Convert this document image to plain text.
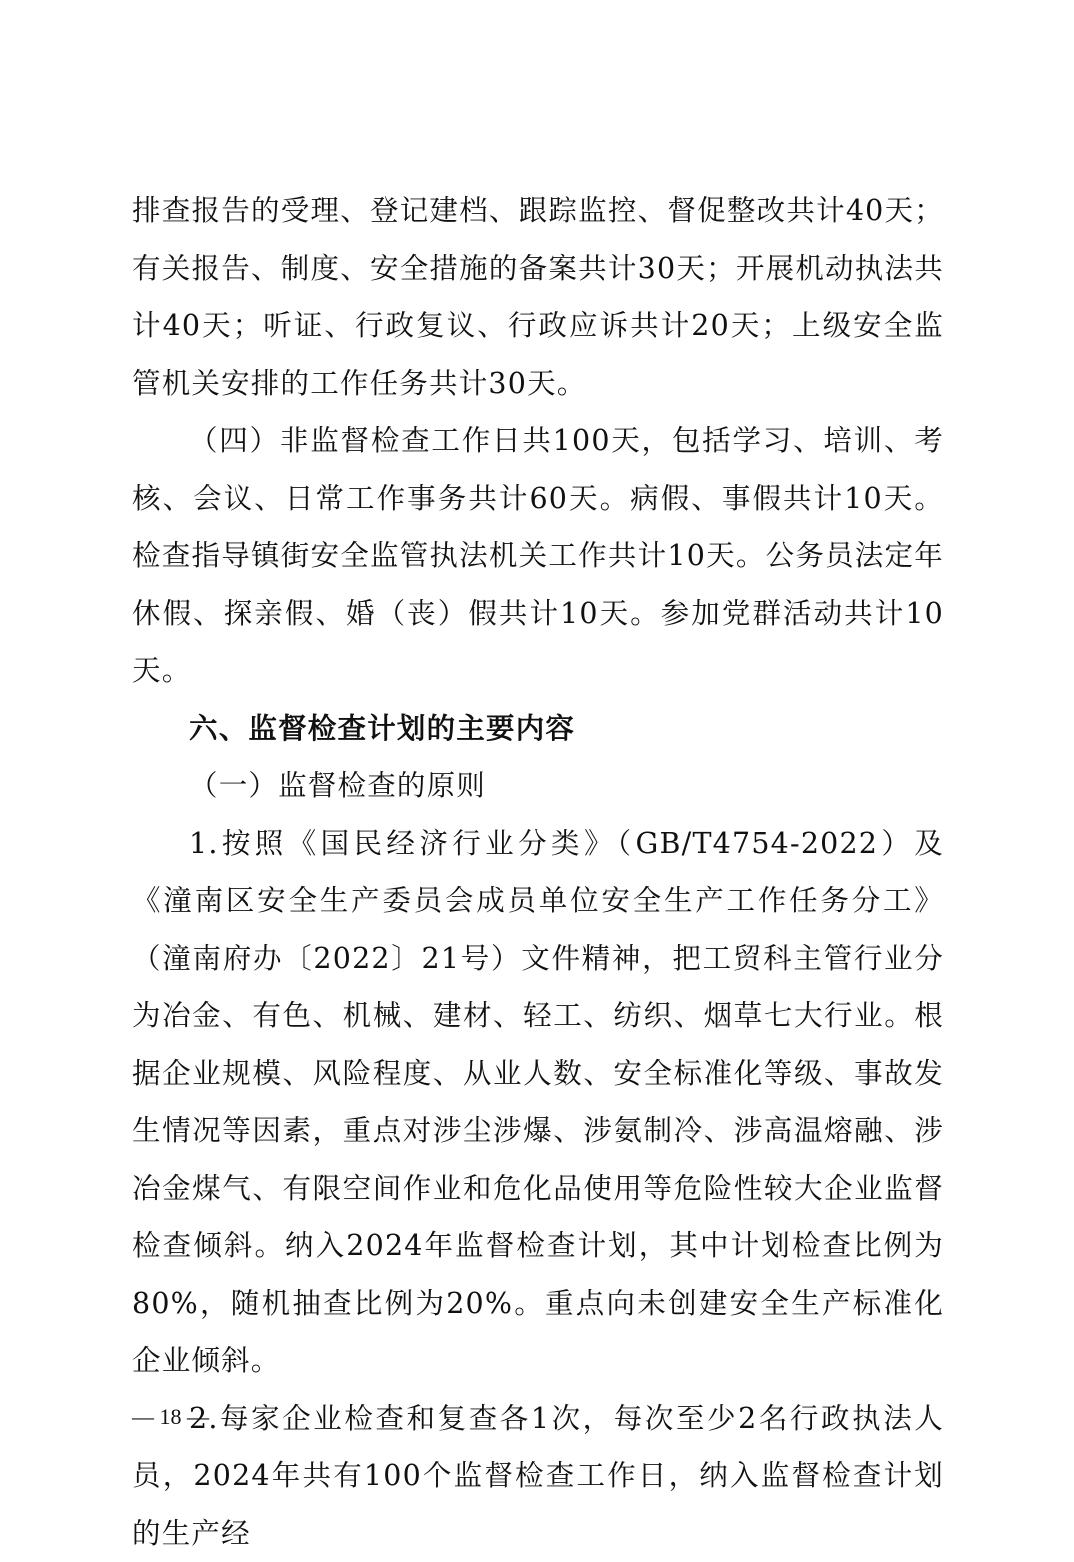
排查报告的受理、登记建档、跟踪监控、督促整改共计40天；有关报告、制度、安全措施的备案共计30天；开展机动执法共计40天；听证、行政复议、行政应诉共计20天；上级安全监管机关安排的工作任务共计30天。

（四）非监督检查工作日共100天，包括学习、培训、考核、会议、日常工作事务共计60天。病假、事假共计10天。检查指导镇街安全监管执法机关工作共计10天。公务员法定年休假、探亲假、婚（丧）假共计10天。参加党群活动共计10天。

六、监督检查计划的主要内容

（一）监督检查的原则

1.按照《国民经济行业分类》（GB/T4754-2022）及《潼南区安全生产委员会成员单位安全生产工作任务分工》（潼南府办〔2022〕21号）文件精神，把工贸科主管行业分为冶金、有色、机械、建材、轻工、纺织、烟草七大行业。根据企业规模、风险程度、从业人数、安全标准化等级、事故发生情况等因素，重点对涉尘涉爆、涉氨制冷、涉高温熔融、涉冶金煤气、有限空间作业和危化品使用等危险性较大企业监督检查倾斜。纳入2024年监督检查计划，其中计划检查比例为80%，随机抽查比例为20%。重点向未创建安全生产标准化企业倾斜。

2.每家企业检查和复查各1次，每次至少2名行政执法人员，2024年共有100个监督检查工作日，纳入监督检查计划的生产经

— 18 —
